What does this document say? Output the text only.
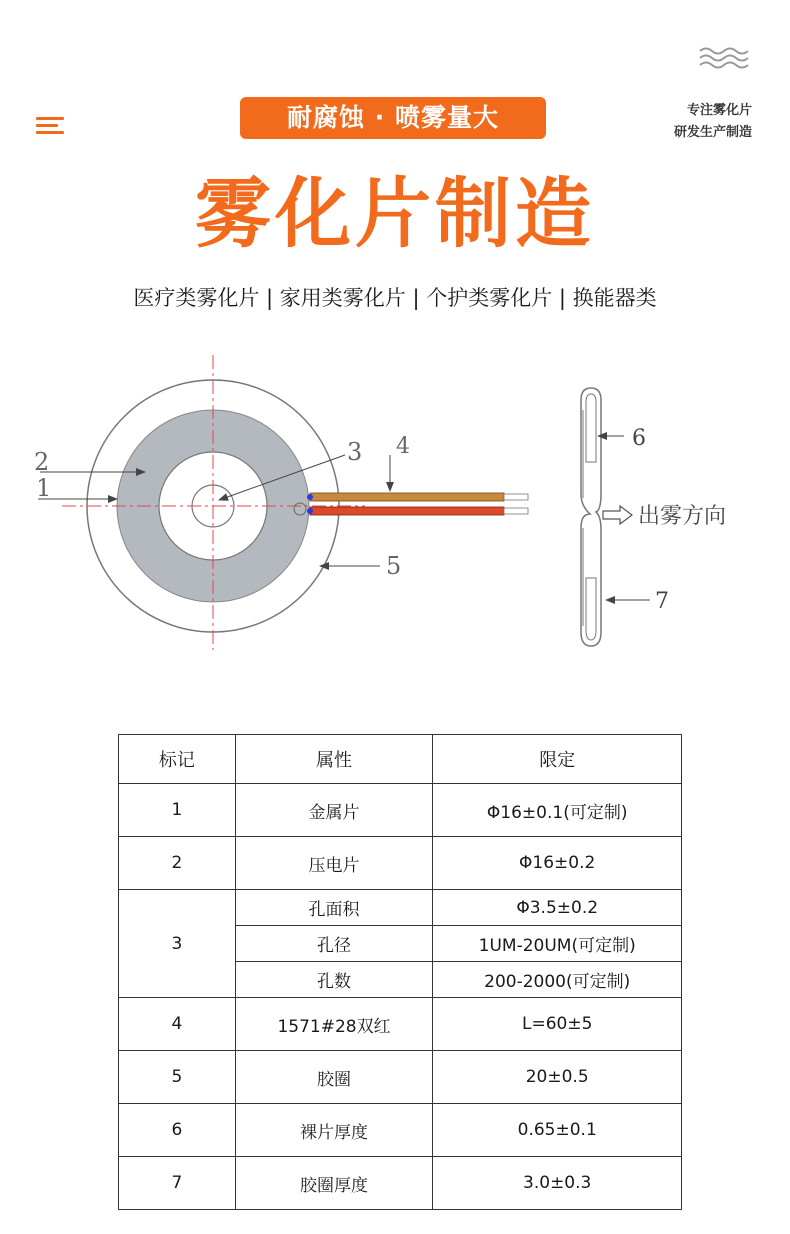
耐腐蚀 · 喷雾量大	专注雾化片
研发生产制造
雾化片制造
医疗类雾化片 | 家用类雾化片 | 个护类雾化片 | 换能器类
2
1
3 4
5
6
7
出雾方向
标记	属性	限定
1	金属片	Φ16±0.1(可定制)
2	压电片	Φ16±0.2
3	孔面积	Φ3.5±0.2
	孔径	1UM-20UM(可定制)
	孔数	200-2000(可定制)
4	1571#28双红	L=60±5
5	胶圈	20±0.5
6	裸片厚度	0.65±0.1
7	胶圈厚度	3.0±0.3
